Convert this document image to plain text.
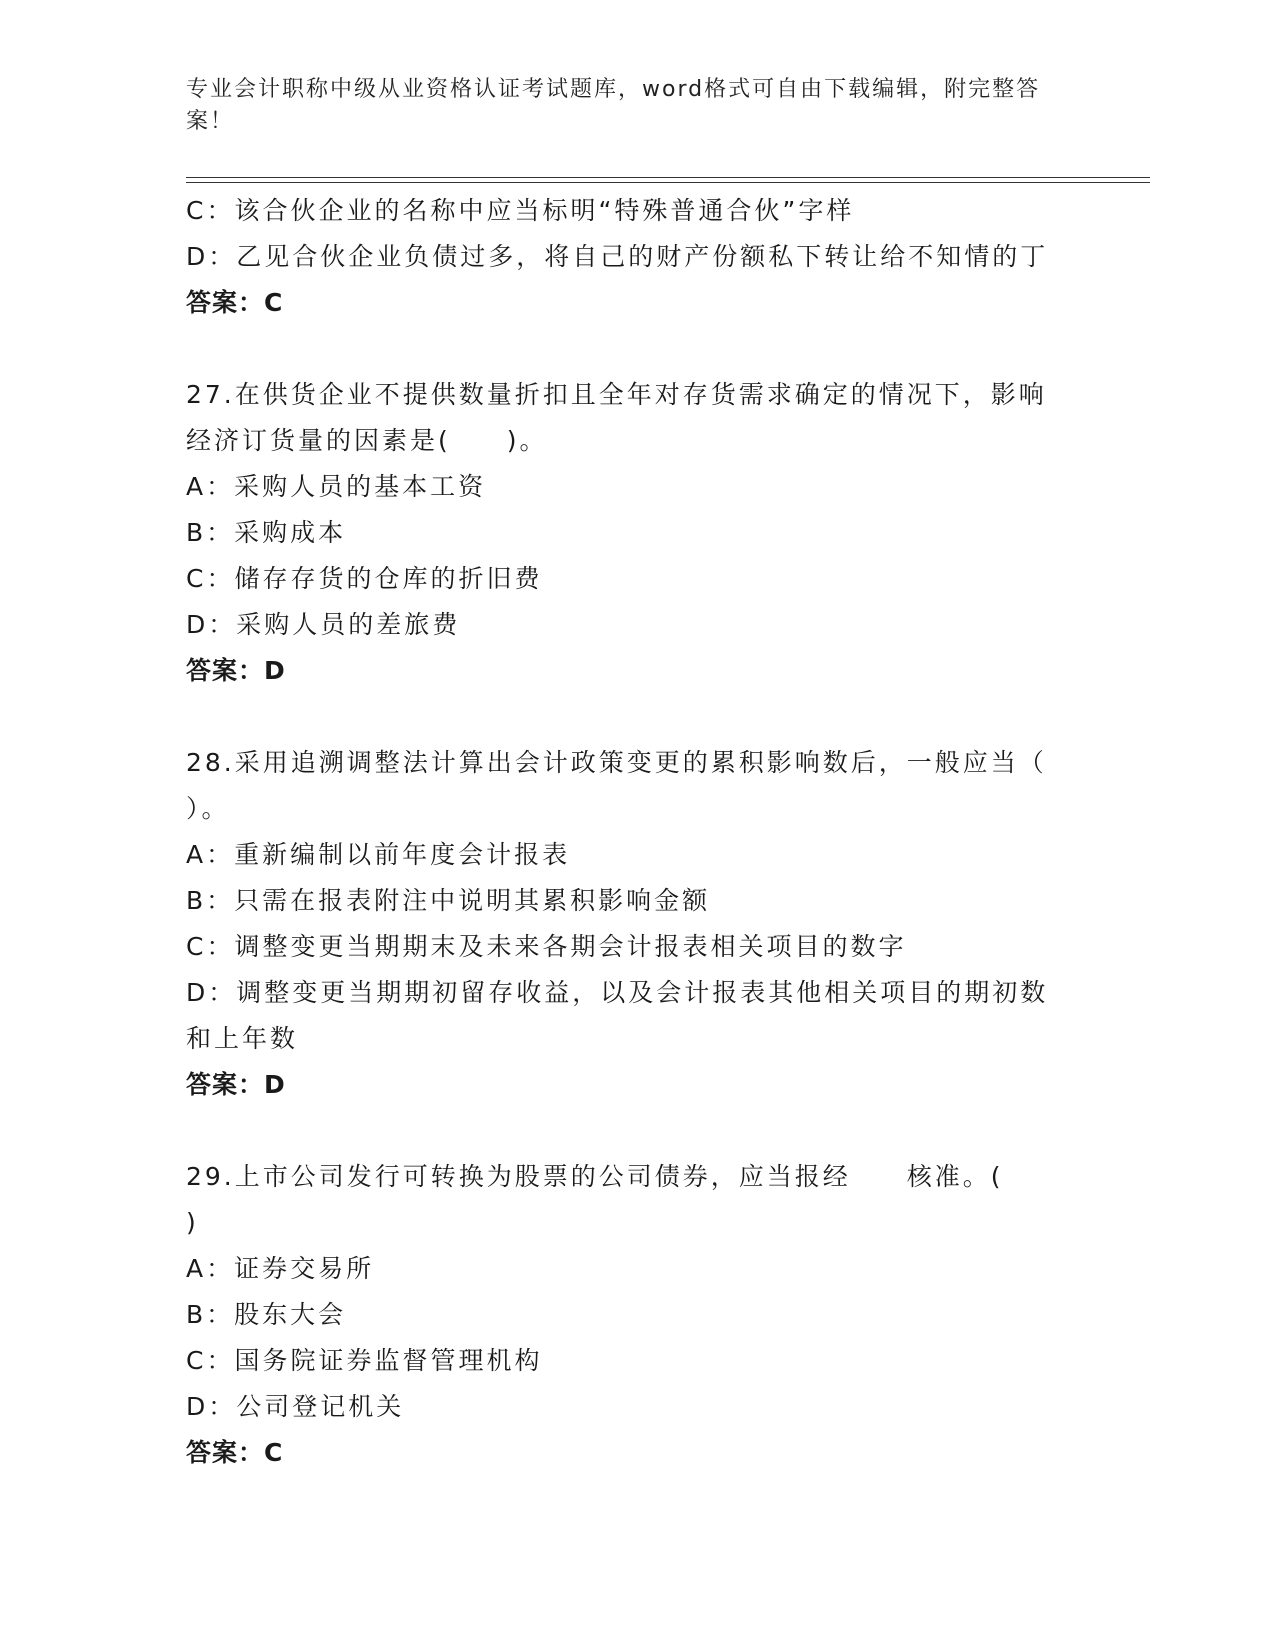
专业会计职称中级从业资格认证考试题库，word格式可自由下载编辑，附完整答案！
C：该合伙企业的名称中应当标明“特殊普通合伙”字样
D：乙见合伙企业负债过多，将自己的财产份额私下转让给不知情的丁
答案：C
27.在供货企业不提供数量折扣且全年对存货需求确定的情况下，影响
经济订货量的因素是(　　)。
A：采购人员的基本工资
B：采购成本
C：储存存货的仓库的折旧费
D：采购人员的差旅费
答案：D
28.采用追溯调整法计算出会计政策变更的累积影响数后，一般应当（
）。
A：重新编制以前年度会计报表
B：只需在报表附注中说明其累积影响金额
C：调整变更当期期末及未来各期会计报表相关项目的数字
D：调整变更当期期初留存收益，以及会计报表其他相关项目的期初数
和上年数
答案：D
29.上市公司发行可转换为股票的公司债券，应当报经　　核准。(
)
A：证券交易所
B：股东大会
C：国务院证券监督管理机构
D：公司登记机关
答案：C
